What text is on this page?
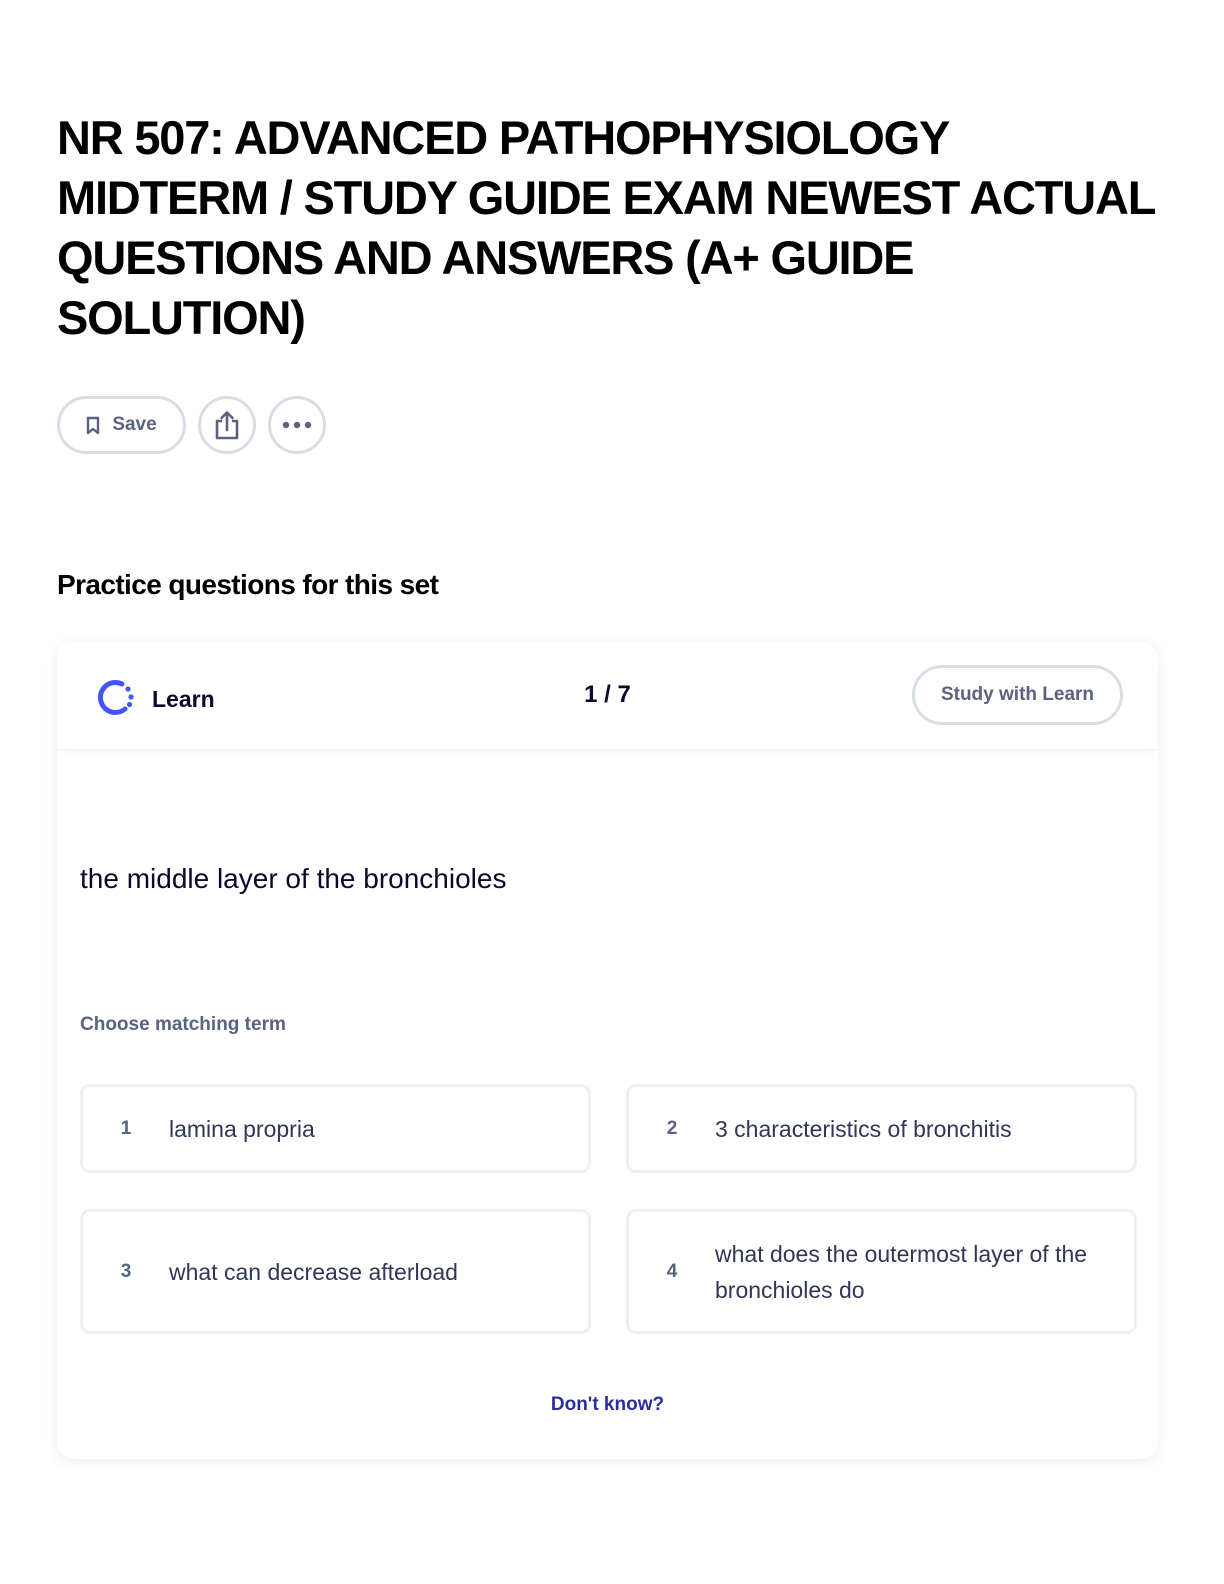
NR 507: ADVANCED PATHOPHYSIOLOGY MIDTERM / STUDY GUIDE EXAM NEWEST ACTUAL QUESTIONS AND ANSWERS (A+ GUIDE SOLUTION)
Save
Practice questions for this set
Learn	1 / 7	Study with Learn
the middle layer of the bronchioles
Choose matching term
1	lamina propria	2	3 characteristics of bronchitis
3	what can decrease afterload	4
what does the outermost layer of the bronchioles do
Don't know?
